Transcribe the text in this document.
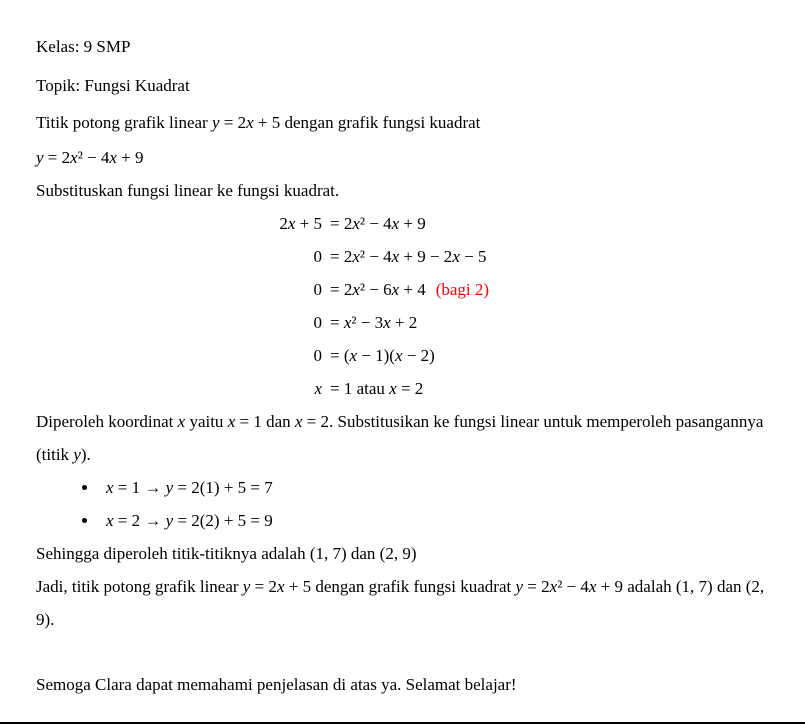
Kelas: 9 SMP

Topik: Fungsi Kuadrat

Titik potong grafik linear y = 2x + 5 dengan grafik fungsi kuadrat

y = 2x² − 4x + 9

Substituskan fungsi linear ke fungsi kuadrat.

2x + 5 = 2x² − 4x + 9
0 = 2x² − 4x + 9 − 2x − 5
0 = 2x² − 6x + 4 (bagi 2)
0 = x² − 3x + 2
0 = (x − 1)(x − 2)
x = 1 atau x = 2

Diperoleh koordinat x yaitu x = 1 dan x = 2. Substitusikan ke fungsi linear untuk memperoleh pasangannya (titik y).

• x = 1 → y = 2(1) + 5 = 7
• x = 2 → y = 2(2) + 5 = 9

Sehingga diperoleh titik-titiknya adalah (1, 7) dan (2, 9)

Jadi, titik potong grafik linear y = 2x + 5 dengan grafik fungsi kuadrat y = 2x² − 4x + 9 adalah (1, 7) dan (2, 9).

Semoga Clara dapat memahami penjelasan di atas ya. Selamat belajar!
